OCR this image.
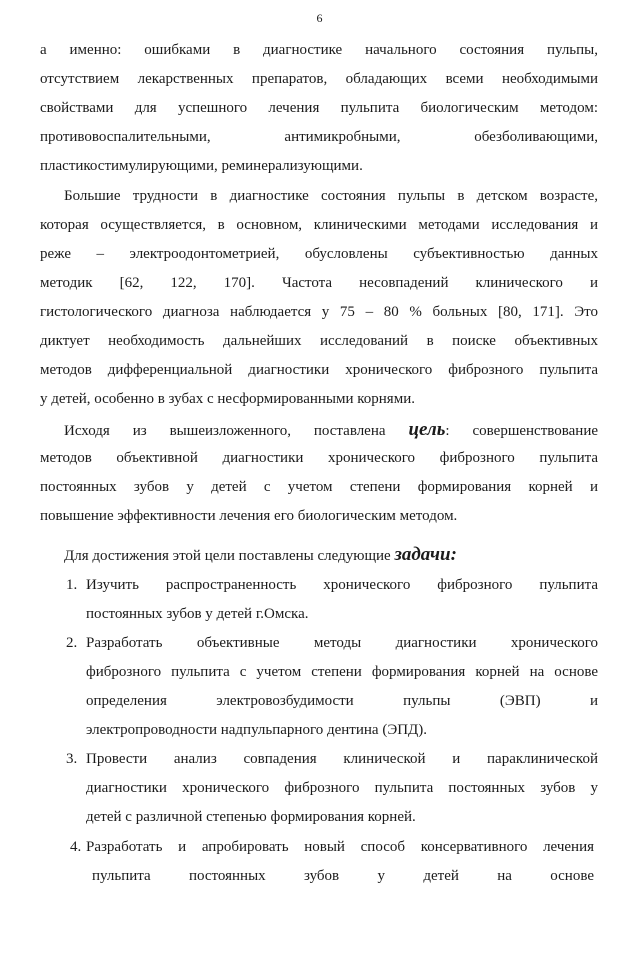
6
а именно: ошибками в диагностике начального состояния пульпы,
отсутствием лекарственных препаратов, обладающих всеми необходимыми
свойствами для успешного лечения пульпита биологическим методом:
противовоспалительными, антимикробными, обезболивающими,
пластикостимулирующими, реминерализующими.
Большие трудности в диагностике состояния пульпы в детском возрасте,
которая осуществляется, в основном, клиническими методами исследования и
реже – электроодонтометрией, обусловлены субъективностью данных
методик [62, 122, 170]. Частота несовпадений клинического и
гистологического диагноза наблюдается у 75 – 80 % больных [80, 171]. Это
диктует необходимость дальнейших исследований в поиске объективных
методов дифференциальной диагностики хронического фиброзного пульпита
у детей, особенно в зубах с несформированными корнями.
Исходя из вышеизложенного, поставлена цель: совершенствование
методов объективной диагностики хронического фиброзного пульпита
постоянных зубов у детей с учетом степени формирования корней и
повышение эффективности лечения его биологическим методом.
Для достижения этой цели поставлены следующие задачи:
1. Изучить распространенность хронического фиброзного пульпита
постоянных зубов у детей г.Омска.
2. Разработать объективные методы диагностики хронического
фиброзного пульпита с учетом степени формирования корней на основе
определения электровозбудимости пульпы (ЭВП) и
электропроводности надпульпарного дентина (ЭПД).
3. Провести анализ совпадения клинической и параклинической
диагностики хронического фиброзного пульпита постоянных зубов у
детей с различной степенью формирования корней.
4. Разработать и апробировать новый способ консервативного лечения
пульпита постоянных зубов у детей на основе
